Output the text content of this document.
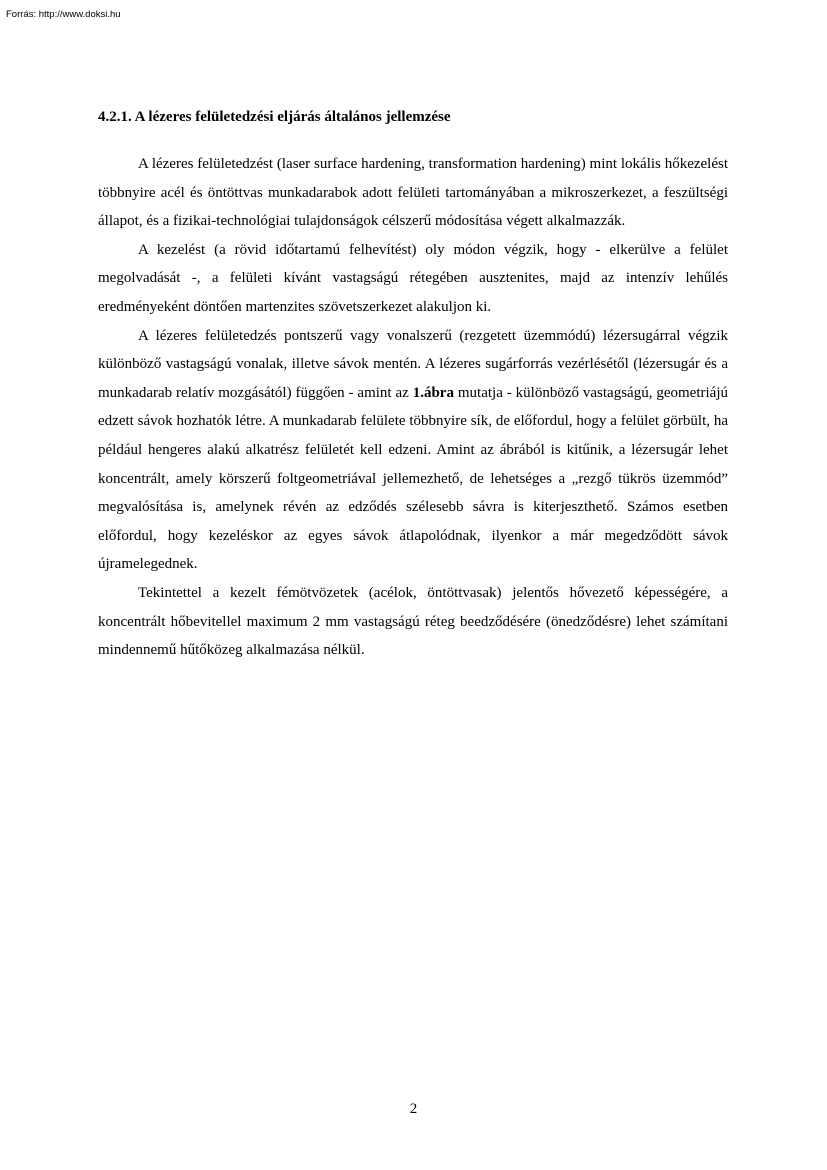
Forrás: http://www.doksi.hu

4.2.1. A lézeres felületedzési eljárás általános jellemzése

A lézeres felületedzést (laser surface hardening, transformation hardening) mint lokális hőkezelést többnyire acél és öntöttvas munkadarabok adott felületi tartományában a mikroszerkezet, a feszültségi állapot, és a fizikai-technológiai tulajdonságok célszerű módosítása végett alkalmazzák.

A kezelést (a rövid időtartamú felhevítést) oly módon végzik, hogy - elkerülve a felület megolvadását -, a felületi kívánt vastagságú rétegében ausztenites, majd az intenzív lehűlés eredményeként döntően martenzites szövetszerkezet alakuljon ki.

A lézeres felületedzés pontszerű vagy vonalszerű (rezgetett üzemmódú) lézersugárral végzik különböző vastagságú vonalak, illetve sávok mentén. A lézeres sugárforrás vezérlésétől (lézersugár és a munkadarab relatív mozgásától) függően - amint az 1.ábra mutatja - különböző vastagságú, geometriájú edzett sávok hozhatók létre. A munkadarab felülete többnyire sík, de előfordul, hogy a felület görbült, ha például hengeres alakú alkatrész felületét kell edzeni. Amint az ábrából is kitűnik, a lézersugár lehet koncentrált, amely körszerű foltgeometriával jellemezhető, de lehetséges a „rezgő tükrös üzemmód” megvalósítása is, amelynek révén az edződés szélesebb sávra is kiterjeszthető. Számos esetben előfordul, hogy kezeléskor az egyes sávok átlapolódnak, ilyenkor a már megedződött sávok újramelegednek.

Tekintettel a kezelt fémötvözetek (acélok, öntöttvasak) jelentős hővezető képességére, a koncentrált hőbevitellel maximum 2 mm vastagságú réteg beedződésére (önedződésre) lehet számítani mindennemű hűtőközeg alkalmazása nélkül.

2
